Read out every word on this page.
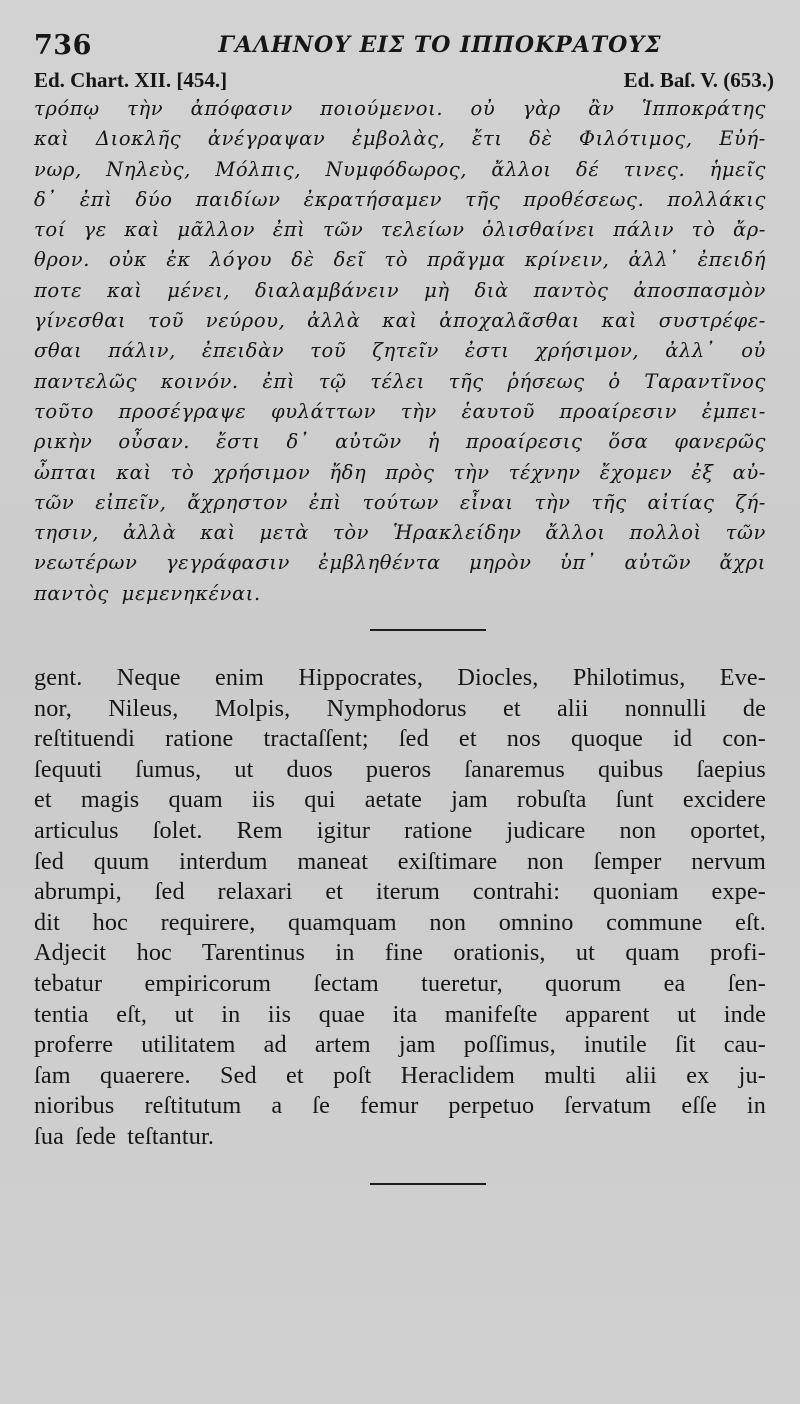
736	ΓΑΛΗΝΟΥ ΕΙΣ ΤΟ ΙΠΠΟΚΡΑΤΟΥΣ
Ed. Chart. XII. [454.]	Ed. Baſ. V. (653.)
τρόπῳ τὴν ἀπόφασιν ποιούμενοι. οὐ γὰρ ἂν Ἱπποκράτης
καὶ Διοκλῆς ἀνέγραψαν ἐμβολὰς, ἔτι δὲ Φιλότιμος, Εὐή-
νωρ, Νηλεὺς, Μόλπις, Νυμφόδωρος, ἄλλοι δέ τινες. ἡμεῖς
δ᾽ ἐπὶ δύο παιδίων ἐκρατήσαμεν τῆς προθέσεως. πολλάκις
τοί γε καὶ μᾶλλον ἐπὶ τῶν τελείων ὀλισθαίνει πάλιν τὸ ἄρ-
θρον. οὐκ ἐκ λόγου δὲ δεῖ τὸ πρᾶγμα κρίνειν, ἀλλ᾽ ἐπειδή
ποτε καὶ μένει, διαλαμβάνειν μὴ διὰ παντὸς ἀποσπασμὸν
γίνεσθαι τοῦ νεύρου, ἀλλὰ καὶ ἀποχαλᾶσθαι καὶ συστρέφε-
σθαι πάλιν, ἐπειδὰν τοῦ ζητεῖν ἐστι χρήσιμον, ἀλλ᾽ οὐ
παντελῶς κοινόν. ἐπὶ τῷ τέλει τῆς ῥήσεως ὁ Ταραντῖνος
τοῦτο προσέγραψε φυλάττων τὴν ἑαυτοῦ προαίρεσιν ἐμπει-
ρικὴν οὖσαν. ἔστι δ᾽ αὐτῶν ἡ προαίρεσις ὅσα φανερῶς
ὦπται καὶ τὸ χρήσιμον ἤδη πρὸς τὴν τέχνην ἔχομεν ἐξ αὐ-
τῶν εἰπεῖν, ἄχρηστον ἐπὶ τούτων εἶναι τὴν τῆς αἰτίας ζή-
τησιν, ἀλλὰ καὶ μετὰ τὸν Ἡρακλείδην ἄλλοι πολλοὶ τῶν
νεωτέρων γεγράφασιν ἐμβληθέντα μηρὸν ὑπ᾽ αὐτῶν ἄχρι
παντὸς μεμενηκέναι.
gent. Neque enim Hippocrates, Diocles, Philotimus, Eve-
nor, Nileus, Molpis, Nymphodorus et alii nonnulli de
reſtituendi ratione tractaſſent; ſed et nos quoque id con-
ſequuti ſumus, ut duos pueros ſanaremus quibus ſaepius
et magis quam iis qui aetate jam robuſta ſunt excidere
articulus ſolet. Rem igitur ratione judicare non oportet,
ſed quum interdum maneat exiſtimare non ſemper nervum
abrumpi, ſed relaxari et iterum contrahi: quoniam expe-
dit hoc requirere, quamquam non omnino commune eſt.
Adjecit hoc Tarentinus in fine orationis, ut quam profi-
tebatur empiricorum ſectam tueretur, quorum ea ſen-
tentia eſt, ut in iis quae ita manifeſte apparent ut inde
proferre utilitatem ad artem jam poſſimus, inutile ſit cau-
ſam quaerere. Sed et poſt Heraclidem multi alii ex ju-
nioribus reſtitutum a ſe femur perpetuo ſervatum eſſe in
ſua ſede teſtantur.
